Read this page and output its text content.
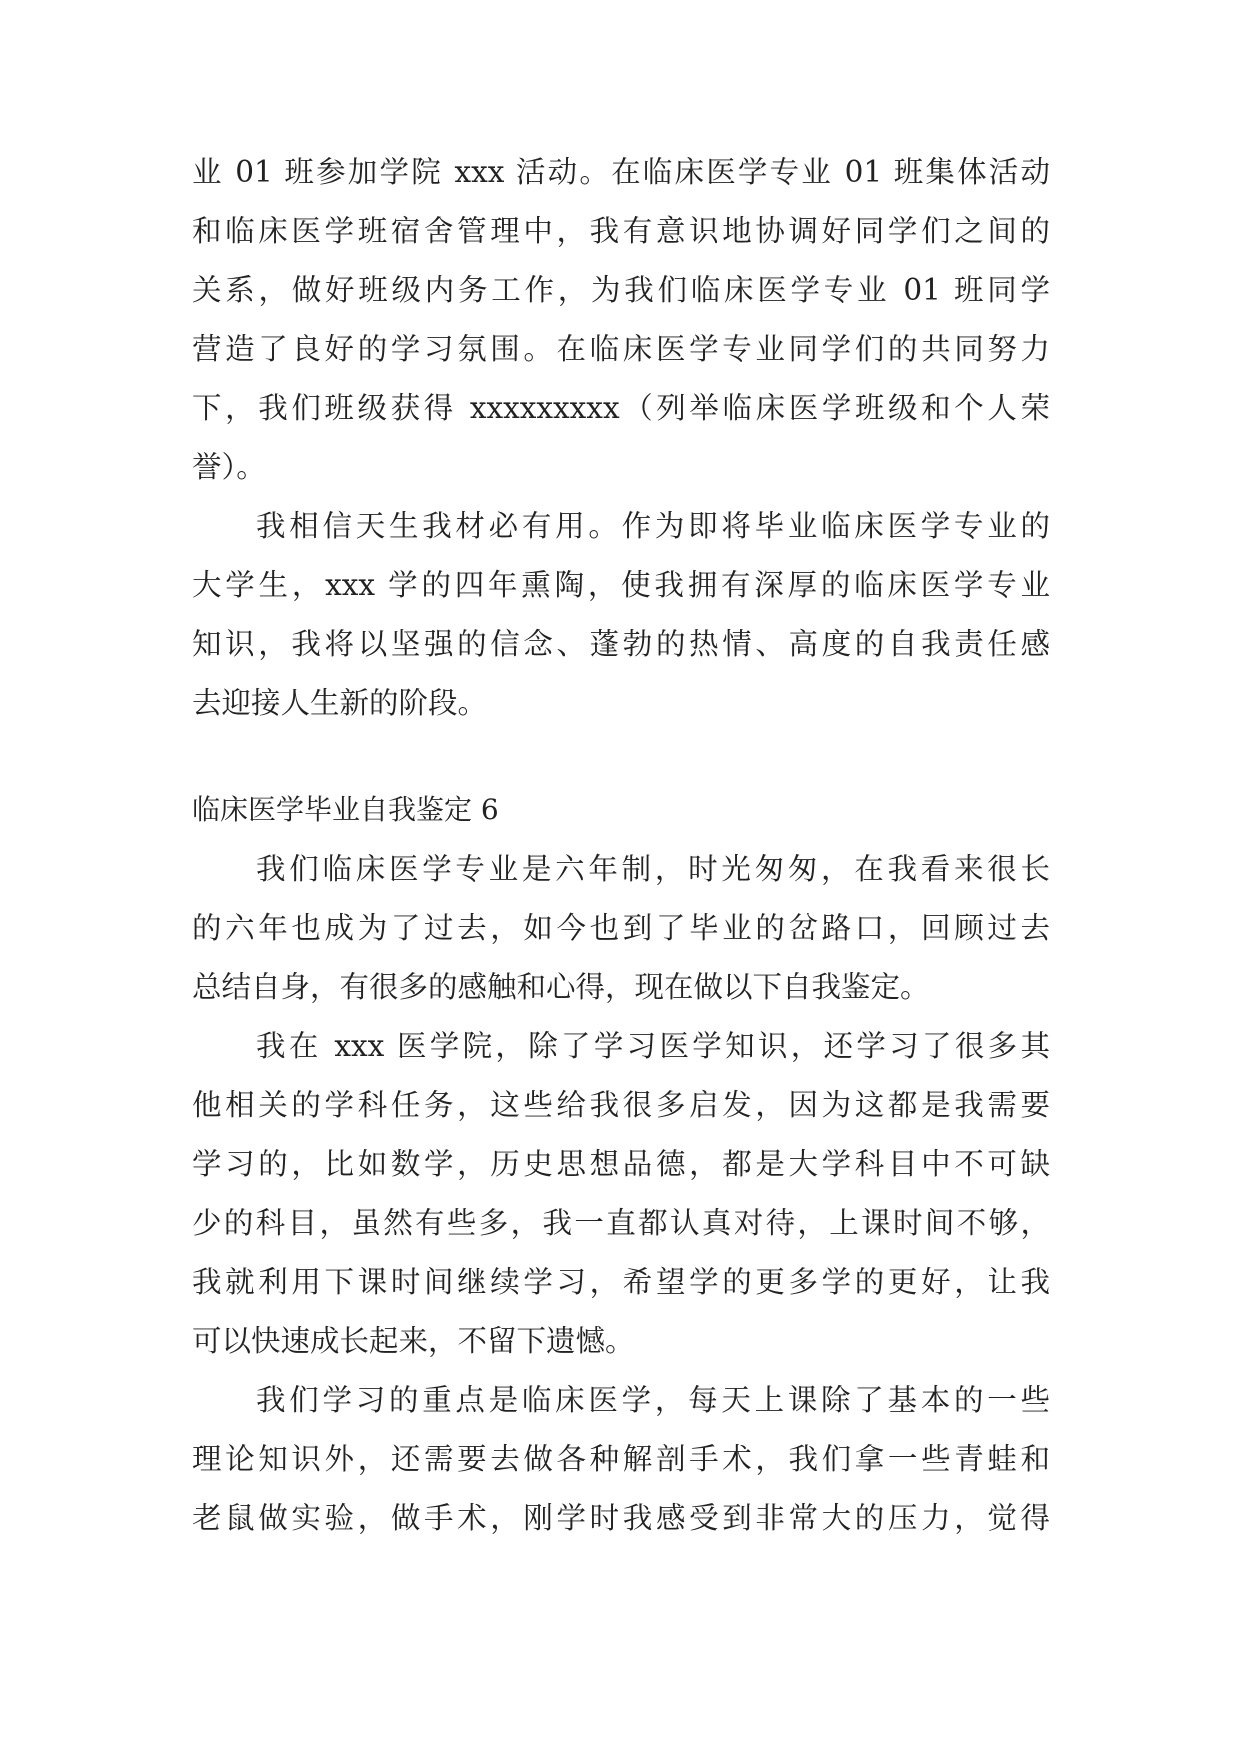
业 01 班参加学院 xxx 活动。在临床医学专业 01 班集体活动
和临床医学班宿舍管理中，我有意识地协调好同学们之间的
关系，做好班级内务工作，为我们临床医学专业 01 班同学
营造了良好的学习氛围。在临床医学专业同学们的共同努力
下，我们班级获得 xxxxxxxxx（列举临床医学班级和个人荣
誉）。
我相信天生我材必有用。作为即将毕业临床医学专业的
大学生，xxx 学的四年熏陶，使我拥有深厚的临床医学专业
知识，我将以坚强的信念、蓬勃的热情、高度的自我责任感
去迎接人生新的阶段。
临床医学毕业自我鉴定 6
我们临床医学专业是六年制，时光匆匆，在我看来很长
的六年也成为了过去，如今也到了毕业的岔路口，回顾过去
总结自身，有很多的感触和心得，现在做以下自我鉴定。
我在 xxx 医学院，除了学习医学知识，还学习了很多其
他相关的学科任务，这些给我很多启发，因为这都是我需要
学习的，比如数学，历史思想品德，都是大学科目中不可缺
少的科目，虽然有些多，我一直都认真对待，上课时间不够，
我就利用下课时间继续学习，希望学的更多学的更好，让我
可以快速成长起来，不留下遗憾。
我们学习的重点是临床医学，每天上课除了基本的一些
理论知识外，还需要去做各种解剖手术，我们拿一些青蛙和
老鼠做实验，做手术，刚学时我感受到非常大的压力，觉得
